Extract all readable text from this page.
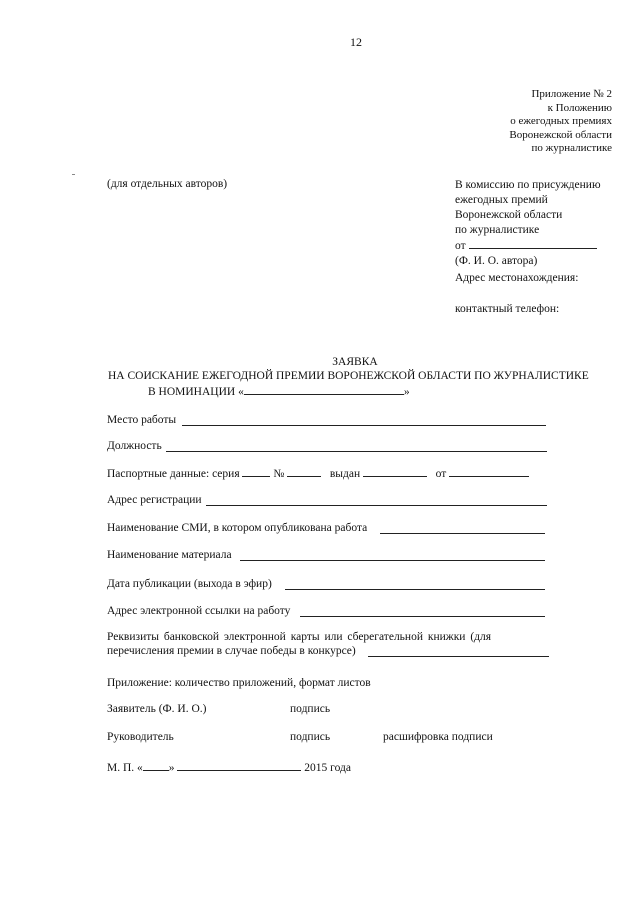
12
Приложение № 2
к Положению
о ежегодных премиях
Воронежской области
по журналистике
(для отдельных авторов)	В комиссию по присуждению
ежегодных премий
Воронежской области
по журналистике
от
(Ф. И. О. автора)
Адрес местонахождения:
контактный телефон:
ЗАЯВКА
НА СОИСКАНИЕ ЕЖЕГОДНОЙ ПРЕМИИ ВОРОНЕЖСКОЙ ОБЛАСТИ ПО ЖУРНАЛИСТИКЕ
В НОМИНАЦИИ «	»
Место работы
Должность
Паспортные данные: серия	№	выдан	от
Адрес регистрации
Наименование СМИ, в котором опубликована работа
Наименование материала
Дата публикации (выхода в эфир)
Адрес электронной ссылки на работу
Реквизиты банковской электронной карты или сберегательной книжки (для
перечисления премии в случае победы в конкурсе)
Приложение: количество приложений, формат листов
Заявитель (Ф. И. О.)	подпись
Руководитель	подпись	расшифровка подписи
М. П. « »	2015 года
